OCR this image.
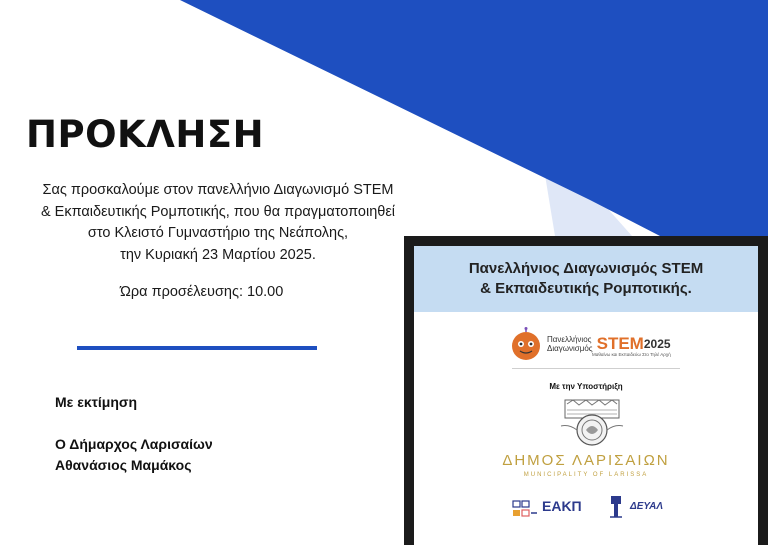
ΠΡΟΚΛΗΣΗ
Σας προσκαλούμε στον πανελλήνιο Διαγωνισμό STEM
& Εκπαιδευτικής Ρομποτικής, που θα πραγματοποιηθεί
στο Κλειστό Γυμναστήριο της Νεάπολης,
την Κυριακή 23 Μαρτίου 2025.
Ώρα προσέλευσης: 10.00
Με εκτίμηση
Ο Δήμαρχος Λαρισαίων
Αθανάσιος Μαμάκος
Πανελλήνιος Διαγωνισμός STEM
& Εκπαιδευτικής Ρομποτικής.
Πανελλήνιος
Διαγωνισμός STEM 2025
Μαθαίνω και Εκπαιδεύω Στο Τηλέ Αρχή
Με την Υποστήριξη
ΔΗΜΟΣ ΛΑΡΙΣΑΙΩΝ
MUNICIPALITY OF LARISSA
ΕΑΚΠ	ΔΕΥΑΛ
